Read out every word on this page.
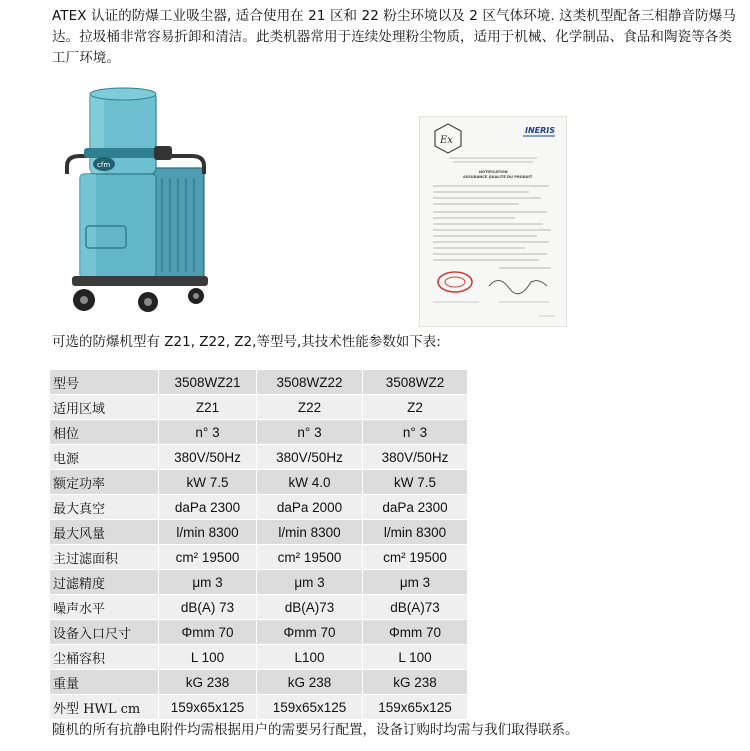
ATEX 认证的防爆工业吸尘器, 适合使用在 21 区和 22 粉尘环境以及 2 区气体环境. 这类机型配备三相静音防爆马达。拉圾桶非常容易折卸和清洁。此类机器常用于连续处理粉尘物质，适用于机械、化学制品、食品和陶瓷等各类工厂环境。

cfm
Ex
INERIS
NOTIFICATION
ASSURANCE QUALITE DU PRODUIT

可选的防爆机型有 Z21, Z22, Z2,等型号,其技术性能参数如下表:

型号	3508WZ21	3508WZ22	3508WZ2
适用区域	Z21	Z22	Z2
相位	n° 3	n° 3	n° 3
电源	380V/50Hz	380V/50Hz	380V/50Hz
额定功率	kW 7.5	kW 4.0	kW 7.5
最大真空	daPa 2300	daPa 2000	daPa 2300
最大风量	l/min 8300	l/min 8300	l/min 8300
主过滤面积	cm² 19500	cm² 19500	cm² 19500
过滤精度	μm 3	μm 3	μm 3
噪声水平	dB(A) 73	dB(A)73	dB(A)73
设备入口尺寸	Φmm 70	Φmm 70	Φmm 70
尘桶容积	L 100	L100	L 100
重量	kG 238	kG 238	kG 238
外型 HWL cm	159x65x125	159x65x125	159x65x125

随机的所有抗静电附件均需根据用户的需要另行配置，设备订购时均需与我们取得联系。
